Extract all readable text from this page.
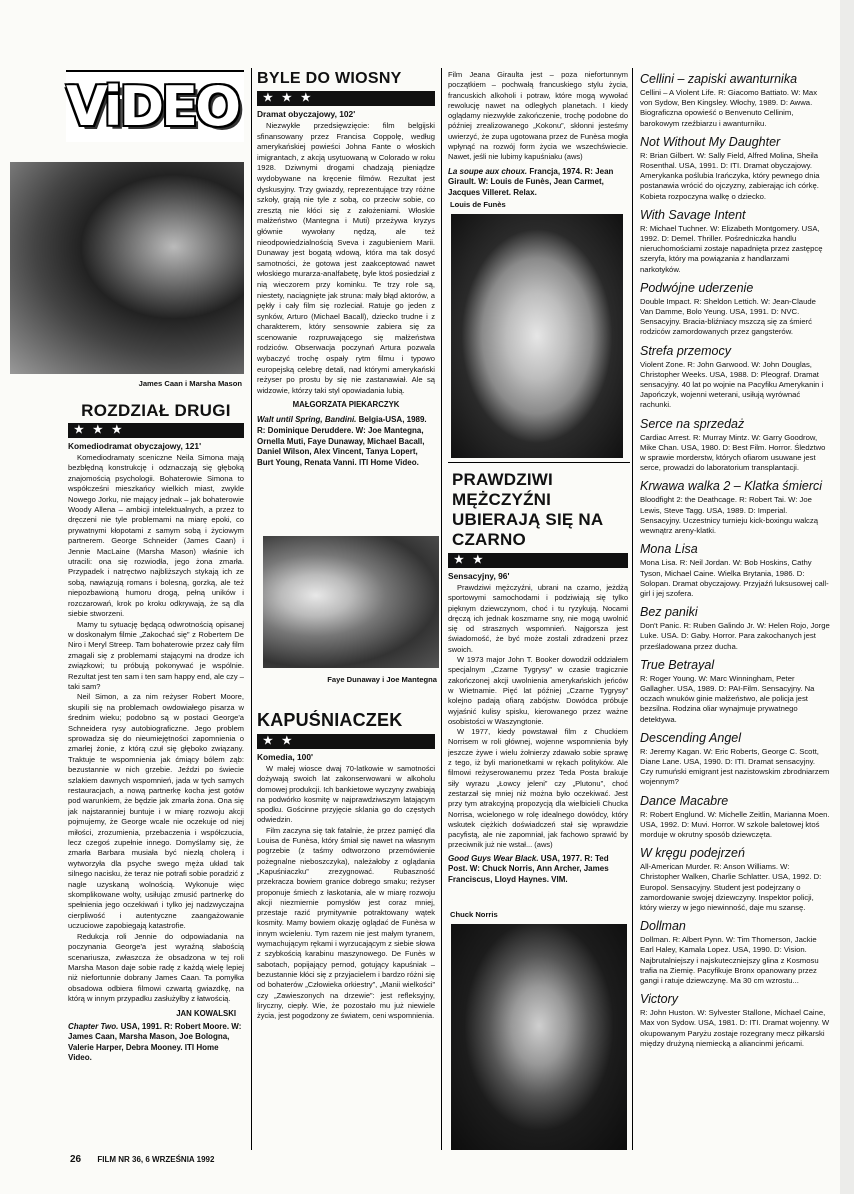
ViDEO
James Caan i Marsha Mason
ROZDZIAŁ DRUGI
★ ★ ★
Komediodramat obyczajowy, 121'

Komediodramaty sceniczne Neila Simona mają bezbłędną konstrukcję i odznaczają się głęboką znajomością psychologii. Bohaterowie Simona to współcześni mieszkańcy wielkich miast, zwykle Nowego Jorku, nie mający jednak – jak bohaterowie Woody Allena – ambicji intelektualnych, a przez to dręczeni nie tyle problemami na miarę epoki, co prywatnymi kłopotami z samym sobą i życiowym partnerem. George Schneider (James Caan) i Jennie MacLaine (Marsha Mason) właśnie ich utracili: ona się rozwiodła, jego żona zmarła. Przypadek i natręctwo najbliższych stykają ich ze sobą, nawiązują romans i bolesną, gorzką, ale też niepozbawioną humoru drogą, pełną uników i rozczarowań, krok po kroku odkrywają, że są dla siebie stworzeni.

Mamy tu sytuację będącą odwrotnością opisanej w doskonałym filmie „Zakochać się” z Robertem De Niro i Meryl Streep. Tam bohaterowie przez cały film zmagali się z problemami stającymi na drodze ich związkowi; tu próbują pokonywać je wspólnie. Rezultat jest ten sam i ten sam happy end, ale czy – taki sam?

Neil Simon, a za nim reżyser Robert Moore, skupili się na problemach owdowiałego pisarza w średnim wieku; podobno są w postaci George'a Schneidera rysy autobiograficzne. Jego problem sprowadza się do nieumiejętności zapomnienia o zmarłej żonie, z którą czuł się głęboko związany. Traktuje te wspomnienia jak ćmiący bólem ząb: bezustannie w nich grzebie. Jeździ po świecie szlakiem dawnych wspomnień, jada w tych samych restauracjach, a nową partnerkę kocha jest gotów pod warunkiem, że będzie jak zmarła żona. Ona się jak najstaranniej buntuje i w miarę rozwoju akcji pojmujemy, że George wcale nie oczekuje od niej miłości, zrozumienia, przebaczenia i współczucia, lecz czegoś zupełnie innego. Domyślamy się, że zmarła Barbara musiała być niezłą cholerą i wytworzyła dla psyche swego męża układ tak silnego nacisku, że teraz nie potrafi sobie poradzić z nagle uzyskaną wolnością. Wykonuje więc skomplikowane wolty, usiłując zmusić partnerkę do spełnienia jego oczekiwań i tylko jej nadzwyczajna cierpliwość i autentyczne zaangażowanie uczuciowe zapobiegają katastrofie.

Redukcja roli Jennie do odpowiadania na poczynania George'a jest wyraźną słabością scenariusza, zwłaszcza że obsadzona w tej roli Marsha Mason daje sobie radę z każdą wielę lepiej niż niefortunnie dobrany James Caan. Ta pomyłka obsadowa odbiera filmowi czwartą gwiazdkę, na którą w innym przypadku zasłużyłby z łatwością.

JAN KOWALSKI
Chapter Two. USA, 1991. R: Robert Moore. W: James Caan, Marsha Mason, Joe Bologna, Valerie Harper, Debra Mooney. ITI Home Video.
BYLE DO WIOSNY
★ ★ ★
Dramat obyczajowy, 102'

Niezwykłe przedsięwzięcie: film belgijski sfinansowany przez Francisa Coppolę, według amerykańskiej powieści Johna Fante o włoskich imigrantach, z akcją usytuowaną w Colorado w roku 1928. Dziwnymi drogami chadzają pieniądze wydobywane na kręcenie filmów. Rezultat jest dyskusyjny. Trzy gwiazdy, reprezentujące trzy różne szkoły, grają nie tyle z sobą, co przeciw sobie, co zresztą nie kłóci się z założeniami. Włoskie małżeństwo (Mantegna i Muti) przeżywa kryzys głównie wywołany nędzą, ale też nieodpowiedzialnością Sveva i zagubieniem Marii. Dunaway jest bogatą wdową, która ma tak dosyć samotności, że gotowa jest zaakceptować nawet włoskiego murarza-analfabetę, byle ktoś posiedział z nią wieczorem przy kominku. Te trzy role są, niestety, naciągnięte jak struna: mały błąd aktorów, a pękły i cały film się rozleciał. Ratuje go jeden z synków, Arturo (Michael Bacall), dziecko trudne i z charakterem, który sensownie zabiera się za scenowanie rozpruwającego się małżeństwa rodziców. Obserwacja poczynań Artura pozwala wybaczyć trochę ospały rytm filmu i typowo europejską celebrę detali, nad którymi amerykański reżyser po prostu by się nie zastanawiał. Ale są widzowie, którzy taki styl opowiadania lubią.

MAŁGORZATA PIEKARCZYK
Walt until Spring, Bandini. Belgia-USA, 1989. R: Dominique Deruddere. W: Joe Mantegna, Ornella Muti, Faye Dunaway, Michael Bacall, Daniel Wilson, Alex Vincent, Tanya Lopert, Burt Young, Renata Vanni. ITI Home Video.
Faye Dunaway i Joe Mantegna
KAPUŚNIACZEK
★ ★
Komedia, 100'

W małej wiosce dwaj 70-latkowie w samotności dożywają swoich lat zakonserwowani w alkoholu domowej produkcji. Ich bankietowe wyczyny zwabiają na podwórko kosmitę w najprawdziwszym latającym spodku. Gościnne przyjęcie sklania go do częstych odwiedzin.

Film zaczyna się tak fatalnie, że przez pamięć dla Louisa de Funèsa, który śmiał się nawet na własnym pogrzebie (z taśmy odtworzono przemówienie pożegnalne nieboszczyka), należałoby z oglądania „Kapuśniaczku” zrezygnować. Rubaszność przekracza bowiem granice dobrego smaku; reżyser proponuje śmiech z łaskotania, ale w miarę rozwoju akcji niezmiernie pomysłów jest coraz mniej, przestaje razić prymitywnie potraktowany wątek kosmity. Mamy bowiem okazję oglądać de Funèsa w innym wcieleniu. Tym razem nie jest małym tyranem, wymachującym rękami i wyrzucającym z siebie słowa z szybkością karabinu maszynowego. De Funès w sabotach, popijający pernod, gotujący kapuśniak – bezustannie kłóci się z przyjacielem i bardzo różni się od bohaterów „Człowieka orkiestry”, „Manii wielkości” czy „Zawieszonych na drzewie”: jest refleksyjny, liryczny, ciepły. Wie, że pozostało mu już niewiele życia, jest pogodzony ze światem, ceni wspomnienia.

Film Jeana Giraulta jest – poza niefortunnym początkiem – pochwałą francuskiego stylu życia, francuskich alkoholi i potraw, które mogą wywołać rewolucję nawet na odległych planetach. I kiedy oglądamy niezwykłe zakończenie, trochę podobne do później zrealizowanego „Kokonu”, skłonni jesteśmy uwierzyć, że zupa ugotowana przez de Funèsa mogła wpłynąć na rozwój form życia we wszechświecie. Nawet, jeśli nie lubimy kapuśniaku (aws)

La soupe aux choux. Francja, 1974. R: Jean Girault. W: Louis de Funès, Jean Carmet, Jacques Villeret. Relax.
Louis de Funès
PRAWDZIWI MĘŻCZYŹNI UBIERAJĄ SIĘ NA CZARNO
★ ★
Sensacyjny, 96'

Prawdziwi mężczyźni, ubrani na czarno, jeżdżą sportowymi samochodami i podziwiają się tylko pięknym dziewczynom, choć i tu ryzykują. Nocami dręczą ich jednak koszmarne sny, nie mogą uwolnić się od strasznych wspomnień. Najgorsza jest świadomość, że być może zostali zdradzeni przez swoich.

W 1973 major John T. Booker dowodził oddziałem specjalnym „Czarne Tygrysy” w czasie tragicznie zakończonej akcji uwolnienia amerykańskich jeńców w Wietnamie. Pięć lat później „Czarne Tygrysy” kolejno padają ofiarą zabójstw. Dowódca próbuje wyjaśnić kulisy spisku, kierowanego przez ważne osobistości w Waszyngtonie.

W 1977, kiedy powstawał film z Chuckiem Norrisem w roli głównej, wojenne wspomnienia były jeszcze żywe i wielu żołnierzy zdawało sobie sprawę z tego, iż byli marionetkami w rękach polityków. Ale filmowi reżyserowanemu przez Teda Posta brakuje siły wyrazu „Łowcy jeleni” czy „Plutonu”, choć zestarzał się mniej niż można było oczekiwać. Jest przy tym atrakcyjną propozycją dla wielbicieli Chucka Norrisa, wcielonego w rolę idealnego dowódcy, który wskutek ciężkich doświadczeń stał się wprawdzie pacyfistą, ale nie zapomniał, jak fachowo sprawić by przeciwnik już nie wstał... (aws)

Good Guys Wear Black. USA, 1977. R: Ted Post. W: Chuck Norris, Ann Archer, James Franciscus, Lloyd Haynes. VIM.
Chuck Norris
Cellini – zapiski awanturnika
Cellini – A Violent Life. R: Giacomo Battiato. W: Max von Sydow, Ben Kingsley. Włochy, 1989. D: Awwa. Biograficzna opowieść o Benvenuto Cellinim, barokowym rzeźbiarzu i awanturniku.
Not Without My Daughter
R: Brian Gilbert. W: Sally Field, Alfred Molina, Sheila Rosenthal. USA, 1991. D: ITI. Dramat obyczajowy. Amerykanka poślubia Irańczyka, który pewnego dnia postanawia wrócić do ojczyzny, zabierając ich córkę. Kobieta rozpoczyna walkę o dziecko.
With Savage Intent
R: Michael Tuchner. W: Elizabeth Montgomery. USA, 1992. D: Demel. Thriller. Pośredniczka handlu nieruchomościami zostaje napadnięta przez zastępcę szeryfa, który ma powiązania z handlarzami narkotyków.
Podwójne uderzenie
Double Impact. R: Sheldon Lettich. W: Jean-Claude Van Damme, Bolo Yeung. USA, 1991. D: NVC. Sensacyjny. Bracia-bliźniacy mszczą się za śmierć rodziców zamordowanych przez gangsterów.
Strefa przemocy
Violent Zone. R: John Garwood. W: John Douglas, Christopher Weeks. USA, 1988. D: Pleograf. Dramat sensacyjny. 40 lat po wojnie na Pacyfiku Amerykanin i Japończyk, wojenni weterani, usiłują wyrównać rachunki.
Serce na sprzedaż
Cardiac Arrest. R: Murray Mintz. W: Garry Goodrow, Mike Chan. USA, 1980. D: Best Film. Horror. Śledztwo w sprawie morderstw, których ofiarom usuwane jest serce, prowadzi do laboratorium transplantacji.
Krwawa walka 2 – Klatka śmierci
Bloodfight 2: the Deathcage. R: Robert Tai. W: Joe Lewis, Steve Tagg. USA, 1989. D: Imperial. Sensacyjny. Uczestnicy turnieju kick-boxingu walczą wewnątrz areny-klatki.
Mona Lisa
Mona Lisa. R: Neil Jordan. W: Bob Hoskins, Cathy Tyson, Michael Caine. Wielka Brytania, 1986. D: Solopan. Dramat obyczajowy. Przyjaźń luksusowej call-girl i jej szofera.
Bez paniki
Don't Panic. R: Ruben Galindo Jr. W: Helen Rojo, Jorge Luke. USA. D: Gaby. Horror. Para zakochanych jest prześladowana przez ducha.
True Betrayal
R: Roger Young. W: Marc Winningham, Peter Gallagher. USA, 1989. D: PAI-Film. Sensacyjny. Na oczach wnuków ginie małżeństwo, ale policja jest bezsilna. Rodzina oliar wynajmuje prywatnego detektywa.
Descending Angel
R: Jeremy Kagan. W: Eric Roberts, George C. Scott, Diane Lane. USA, 1990. D: ITI. Dramat sensacyjny. Czy rumuński emigrant jest nazistowskim zbrodniarzem wojennym?
Dance Macabre
R: Robert Englund. W: Michelle Zeitlin, Marianna Moen. USA, 1992. D: Muvi. Horror. W szkole baletowej ktoś morduje w okrutny sposób dziewczęta.
W kręgu podejrzeń
All-American Murder. R: Anson Williams. W: Christopher Walken, Charlie Schlatter. USA, 1992. D: Europol. Sensacyjny. Student jest podejrzany o zamordowanie swojej dziewczyny. Inspektor policji, który wierzy w jego niewinność, daje mu szansę.
Dollman
Dollman. R: Albert Pynn. W: Tim Thomerson, Jackie Earl Haley, Kamala Lopez. USA, 1990. D: Vision. Najbrutalniejszy i najskuteczniejszy glina z Kosmosu trafia na Ziemię. Pacyfikuje Bronx opanowany przez gangi i ratuje dziewczynę. Ma 30 cm wzrostu...
Victory
R: John Huston. W: Sylvester Stallone, Michael Caine, Max von Sydow. USA, 1981. D: ITI. Dramat wojenny. W okupowanym Paryżu zostaje rozegrany mecz piłkarski między drużyną niemiecką a aliancinmi jeńcami.
26 FILM NR 36, 6 WRZEŚNIA 1992
